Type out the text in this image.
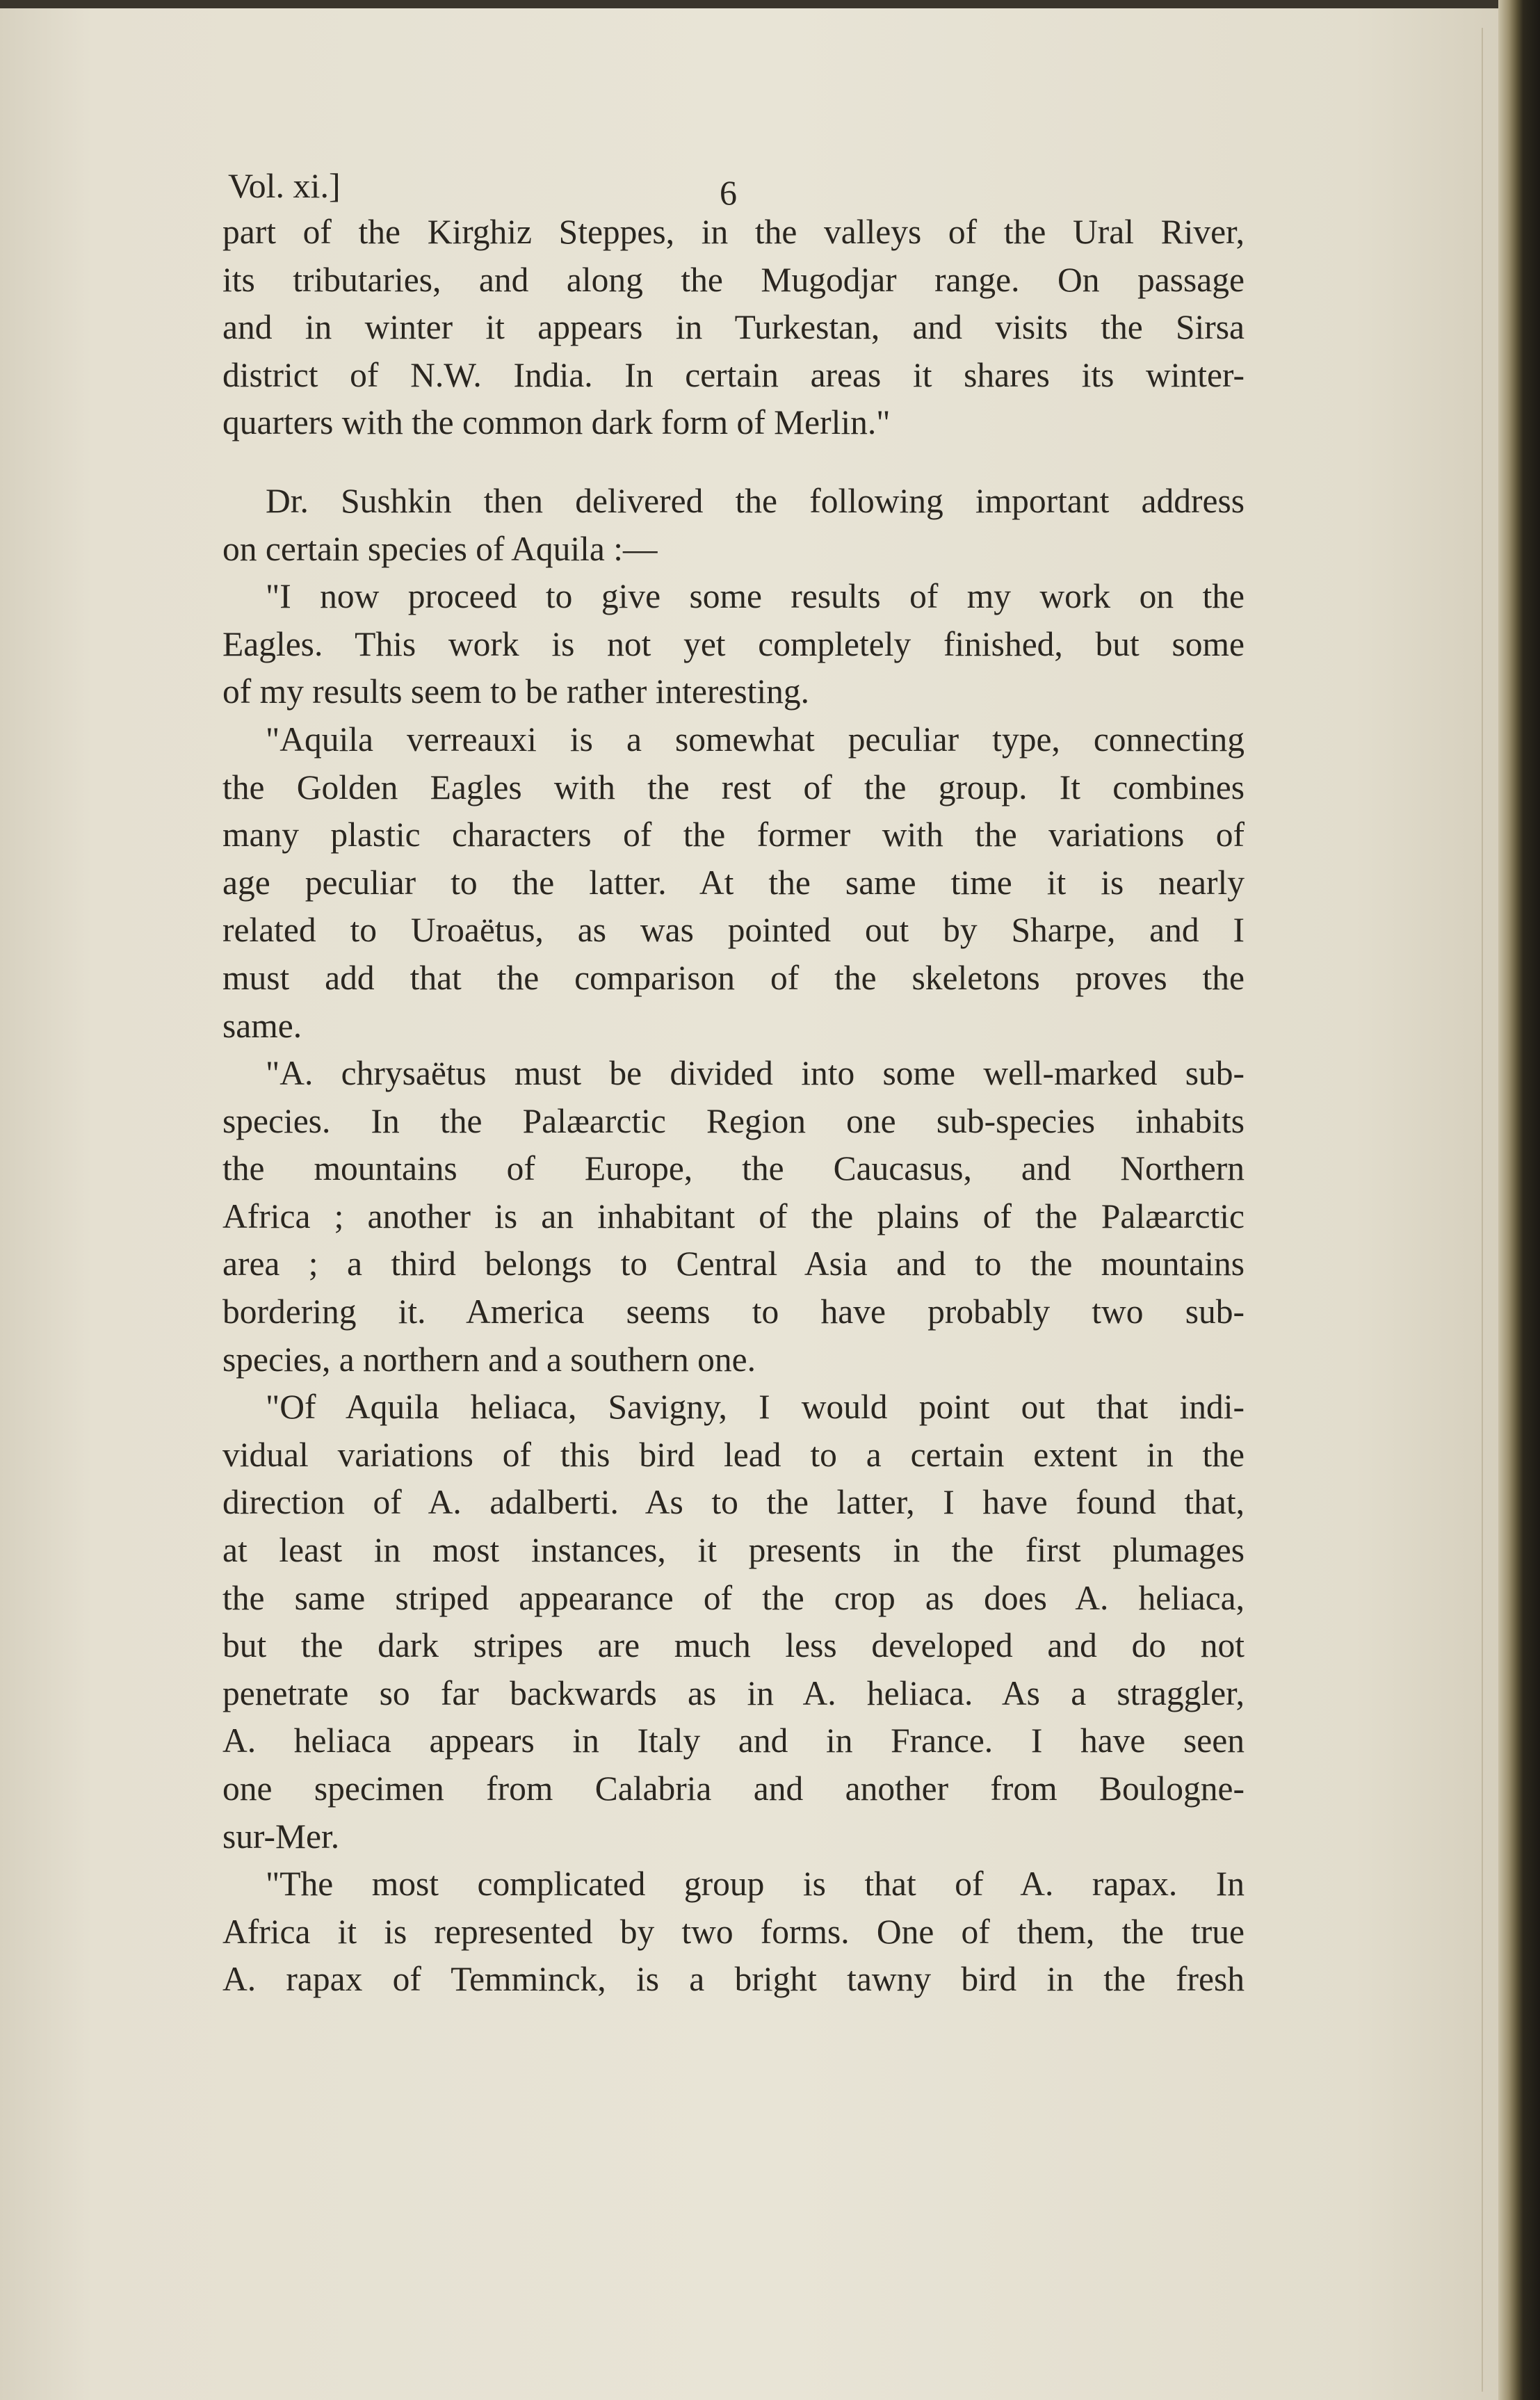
Vol. xi.]	6

part of the Kirghiz Steppes, in the valleys of the Ural River,
its tributaries, and along the Mugodjar range. On passage
and in winter it appears in Turkestan, and visits the Sirsa
district of N.W. India. In certain areas it shares its winter-
quarters with the common dark form of Merlin."

Dr. Sushkin then delivered the following important address
on certain species of Aquila :—

"I now proceed to give some results of my work on the
Eagles. This work is not yet completely finished, but some
of my results seem to be rather interesting.

"Aquila verreauxi is a somewhat peculiar type, connecting
the Golden Eagles with the rest of the group. It combines
many plastic characters of the former with the variations of
age peculiar to the latter. At the same time it is nearly
related to Uroaëtus, as was pointed out by Sharpe, and I
must add that the comparison of the skeletons proves the
same.

"A. chrysaëtus must be divided into some well-marked sub-
species. In the Palæarctic Region one sub-species inhabits
the mountains of Europe, the Caucasus, and Northern
Africa ; another is an inhabitant of the plains of the Palæarctic
area ; a third belongs to Central Asia and to the mountains
bordering it. America seems to have probably two sub-
species, a northern and a southern one.

"Of Aquila heliaca, Savigny, I would point out that indi-
vidual variations of this bird lead to a certain extent in the
direction of A. adalberti. As to the latter, I have found that,
at least in most instances, it presents in the first plumages
the same striped appearance of the crop as does A. heliaca,
but the dark stripes are much less developed and do not
penetrate so far backwards as in A. heliaca. As a straggler,
A. heliaca appears in Italy and in France. I have seen
one specimen from Calabria and another from Boulogne-
sur-Mer.

"The most complicated group is that of A. rapax. In
Africa it is represented by two forms. One of them, the true
A. rapax of Temminck, is a bright tawny bird in the fresh
